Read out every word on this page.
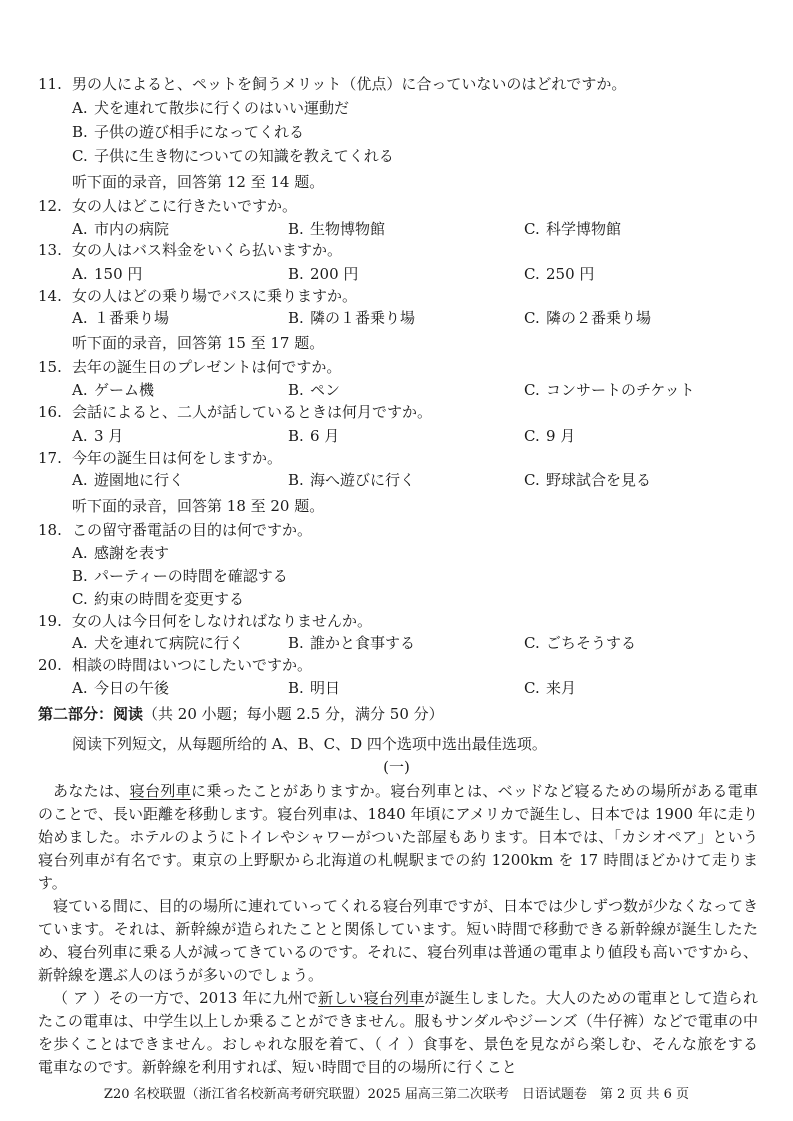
11. 男の人によると、ペットを飼うメリット（优点）に合っていないのはどれですか。
A. 犬を連れて散歩に行くのはいい運動だ
B. 子供の遊び相手になってくれる
C. 子供に生き物についての知識を教えてくれる
听下面的录音，回答第 12 至 14 题。
12. 女の人はどこに行きたいですか。
A. 市内の病院	B. 生物博物館	C. 科学博物館
13. 女の人はバス料金をいくら払いますか。
A. 150 円	B. 200 円	C. 250 円
14. 女の人はどの乗り場でバスに乗りますか。
A. １番乗り場	B. 隣の１番乗り場	C. 隣の２番乗り場
听下面的录音，回答第 15 至 17 题。
15. 去年の誕生日のプレゼントは何ですか。
A. ゲーム機	B. ペン	C. コンサートのチケット
16. 会話によると、二人が話しているときは何月ですか。
A. 3 月	B. 6 月	C. 9 月
17. 今年の誕生日は何をしますか。
A. 遊園地に行く	B. 海へ遊びに行く	C. 野球試合を見る
听下面的录音，回答第 18 至 20 题。
18. この留守番電話の目的は何ですか。
A. 感謝を表す
B. パーティーの時間を確認する
C. 約束の時間を変更する
19. 女の人は今日何をしなければなりませんか。
A. 犬を連れて病院に行く	B. 誰かと食事する	C. ごちそうする
20. 相談の時間はいつにしたいですか。
A. 今日の午後	B. 明日	C. 来月
第二部分：阅读（共 20 小题；每小题 2.5 分，满分 50 分）
阅读下列短文，从每题所给的 A、B、C、D 四个选项中选出最佳选项。
(一)

あなたは、寝台列車に乗ったことがありますか。寝台列車とは、ベッドなど寝るための場所がある電車のことで、長い距離を移動します。寝台列車は、1840 年頃にアメリカで誕生し、日本では 1900 年に走り始めました。ホテルのようにトイレやシャワーがついた部屋もあります。日本では、「カシオペア」という寝台列車が有名です。東京の上野駅から北海道の札幌駅までの約 1200km を 17 時間ほどかけて走ります。

寝ている間に、目的の場所に連れていってくれる寝台列車ですが、日本では少しずつ数が少なくなってきています。それは、新幹線が造られたことと関係しています。短い時間で移動できる新幹線が誕生したため、寝台列車に乗る人が減ってきているのです。それに、寝台列車は普通の電車より値段も高いですから、新幹線を選ぶ人のほうが多いのでしょう。

（ ア ）その一方で、2013 年に九州で新しい寝台列車が誕生しました。大人のための電車として造られたこの電車は、中学生以上しか乗ることができません。服もサンダルやジーンズ（牛仔裤）などで電車の中を歩くことはできません。おしゃれな服を着て、（ イ ）食事を、景色を見ながら楽しむ、そんな旅をする電車なのです。新幹線を利用すれば、短い時間で目的の場所に行くこと

Z20 名校联盟（浙江省名校新高考研究联盟）2025 届高三第二次联考　日语试题卷　第 2 页 共 6 页
